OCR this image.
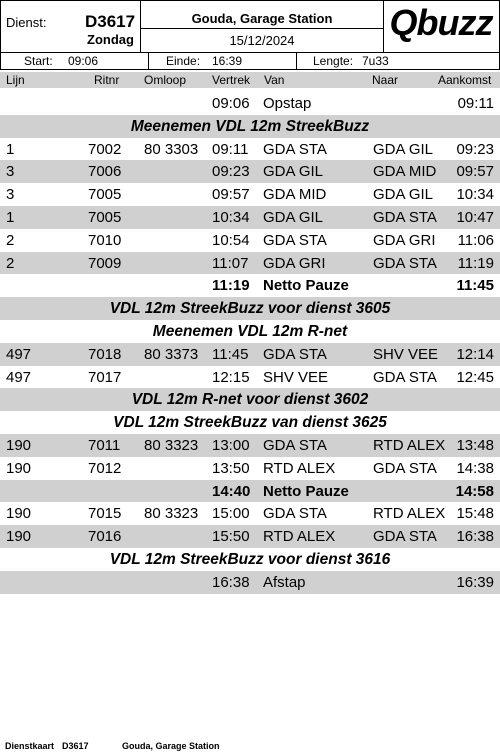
Dienst: D3617
Zondag
Gouda, Garage Station
15/12/2024	Qbuzz
Start: 09:06	Einde: 16:39	Lengte: 7u33
Lijn	Ritnr Omloop Vertrek Van	Naar	Aankomst
09:06 Opstap	09:11
Meenemen VDL 12m StreekBuzz
1	7002 80 3303 09:11 GDA STA	GDA GIL 09:23
3	7006	09:23 GDA GIL	GDA MID 09:57
3	7005	09:57 GDA MID	GDA GIL 10:34
1	7005	10:34 GDA GIL	GDA STA 10:47
2	7010	10:54 GDA STA	GDA GRI 11:06
2	7009	11:07 GDA GRI	GDA STA 11:19
11:19 Netto Pauze	11:45
VDL 12m StreekBuzz voor dienst 3605
Meenemen VDL 12m R-net
497	7018 80 3373 11:45 GDA STA	SHV VEE 12:14
497	7017	12:15 SHV VEE	GDA STA 12:45
VDL 12m R-net voor dienst 3602
VDL 12m StreekBuzz van dienst 3625
190	7011 80 3323 13:00 GDA STA	RTD ALEX 13:48
190	7012	13:50 RTD ALEX	GDA STA 14:38
14:40 Netto Pauze	14:58
190	7015 80 3323 15:00 GDA STA	RTD ALEX 15:48
190	7016	15:50 RTD ALEX	GDA STA 16:38
VDL 12m StreekBuzz voor dienst 3616
16:38 Afstap	16:39
Dienstkaart D3617	Gouda, Garage Station
